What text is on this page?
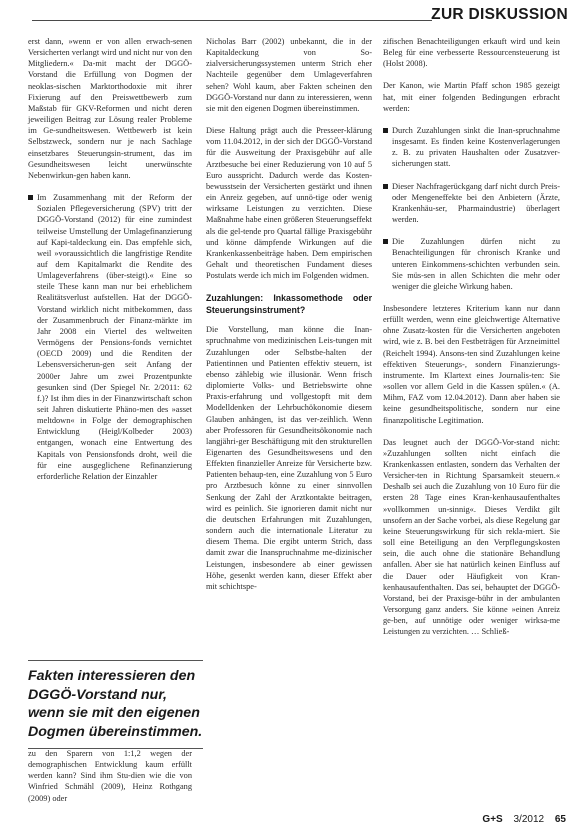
ZUR DISKUSSION

erst dann, »wenn er von allen erwach-senen Versicherten verlangt wird und nicht nur von den Mitgliedern.« Da-mit macht der DGGÖ-Vorstand die Erfüllung von Dogmen der neoklas-sischen Marktorthodoxie mit ihrer Fixierung auf den Preiswettbewerb zum Maßstab für GKV-Reformen und nicht deren jeweiligen Beitrag zur Lösung realer Probleme im Ge-sundheitswesen. Wettbewerb ist kein Selbstzweck, sondern nur je nach Sachlage einsetzbares Steuerungsin-strument, das im Gesundheitswesen leicht unerwünschte Nebenwirkun-gen haben kann.

Im Zusammenhang mit der Reform der Sozialen Pflegeversicherung (SPV) tritt der DGGÖ-Vorstand (2012) für eine zumindest teilweise Umstellung der Umlagefinanzierung auf Kapi-taldeckung ein. Das empfehle sich, weil »voraussichtlich die langfristige Rendite auf dem Kapitalmarkt die Rendite des Umlageverfahrens (über-steigt).« Eine so steile These kann man nur bei erheblichem Realitätsverlust aufstellen. Hat der DGGÖ-Vorstand wirklich nicht mitbekommen, dass der Zusammenbruch der Finanz-märkte im Jahr 2008 ein Viertel des weltweiten Vermögens der Pensions-fonds vernichtet (OECD 2009) und die Renditen der Lebensversicherun-gen seit Anfang der 2000er Jahre um zwei Prozentpunkte gesunken sind (Der Spiegel Nr. 2/2011: 62 f.)? Ist ihm dies in der Finanzwirtschaft schon seit Jahren diskutierte Phäno-men des »asset meltdown« in Folge der demographischen Entwicklung (Heigl/Kolbeder 2003) entgangen, wonach eine Entwertung des Kapitals von Pensionsfonds droht, weil die für eine ausgeglichene Refinanzierung erforderliche Relation der Einzahler
Fakten interessieren den DGGÖ-Vorstand nur, wenn sie mit den eigenen Dogmen übereinstimmen.
zu den Sparern von 1:1,2 wegen der demographischen Entwicklung kaum erfüllt werden kann? Sind ihm Stu-dien wie die von Winfried Schmähl (2009), Heinz Rothgang (2009) oder

Nicholas Barr (2002) unbekannt, die in der Kapitaldeckung von So-zialversicherungssystemen unterm Strich eher Nachteile gegenüber dem Umlageverfahren sehen? Wohl kaum, aber Fakten scheinen den DGGÖ-Vorstand nur dann zu interessieren, wenn sie mit den eigenen Dogmen übereinstimmen.

Diese Haltung prägt auch die Presseer-klärung vom 11.04.2012, in der sich der DGGÖ-Vorstand für die Ausweitung der Praxisgebühr auf alle Arztbesuche bei einer Reduzierung von 10 auf 5 Euro ausspricht. Dadurch werde das Kosten-bewusstsein der Versicherten gestärkt und ihnen ein Anreiz gegeben, auf unnö-tige oder wenig wirksame Leistungen zu verzichten. Diese Maßnahme habe einen größeren Steuerungseffekt als die gel-tende pro Quartal fällige Praxisgebühr und könne dämpfende Wirkungen auf die Krankenkassenbeiträge haben. Dem empirischen Gehalt und theoretischen Fundament dieses Postulats werde ich mich im Folgenden widmen.

Zuzahlungen: Inkassomethode oder Steuerungsinstrument?

Die Vorstellung, man könne die Inan-spruchnahme von medizinischen Leis-tungen mit Zuzahlungen oder Selbstbe-halten der Patientinnen und Patienten effektiv steuern, ist ebenso zählebig wie illusionär. Wenn frisch diplomierte Volks- und Betriebswirte ohne Praxis-erfahrung und vollgestopft mit dem Modelldenken der Lehrbuchökonomie diesem Glauben anhängen, ist das ver-zeihlich. Wenn aber Professoren für Gesundheitsökonomie nach langjähri-ger Beschäftigung mit den strukturellen Eigenarten des Gesundheitswesens und den Effekten finanzieller Anreize für Versicherte bzw. Patienten behaup-ten, eine Zuzahlung von 5 Euro pro Arztbesuch könne zu einer sinnvollen Senkung der Zahl der Arztkontakte beitragen, wird es peinlich. Sie ignorieren damit nicht nur die deutschen Erfahrungen mit Zuzahlungen, sondern auch die internationale Literatur zu diesem Thema. Die ergibt unterm Strich, dass damit zwar die Inanspruchnahme me-dizinischer Leistungen, insbesondere ab einer gewissen Höhe, gesenkt werden kann, dieser Effekt aber mit schichtspe-

zifischen Benachteiligungen erkauft wird und kein Beleg für eine verbesserte Ressourcensteuerung ist (Holst 2008).

Der Kanon, wie Martin Pfaff schon 1985 gezeigt hat, mit einer folgenden Bedingungen erbracht werden:

Durch Zuzahlungen sinkt die Inan-spruchnahme insgesamt. Es finden keine Kostenverlagerungen z. B. zu privaten Haushalten oder Zusatzver-sicherungen statt.
Dieser Nachfragerückgang darf nicht durch Preis- oder Mengeneffekte bei den Anbietern (Ärzte, Krankenhäu-ser, Pharmaindustrie) überlagert werden.
Die Zuzahlungen dürfen nicht zu Benachteiligungen für chronisch Kranke und unteren Einkommens-schichten verbunden sein. Sie müs-sen in allen Schichten die mehr oder weniger die gleiche Wirkung haben.

Insbesondere letzteres Kriterium kann nur dann erfüllt werden, wenn eine gleichwertige Alternative ohne Zusatz-kosten für die Versicherten angeboten wird, wie z. B. bei den Festbeträgen für Arzneimittel (Reichelt 1994). Ansons-ten sind Zuzahlungen keine effektiven Steuerungs-, sondern Finanzierungs-instrumente. Im Klartext eines Journalis-ten: Sie »sollen vor allem Geld in die Kassen spülen.« (A. Mihm, FAZ vom 12.04.2012). Dann aber haben sie keine gesundheitspolitische, sondern nur eine finanzpolitische Legitimation.

Das leugnet auch der DGGÖ-Vor-stand nicht: »Zuzahlungen sollten nicht einfach die Krankenkassen entlasten, sondern das Verhalten der Versicher-ten in Richtung Sparsamkeit steuern.« Deshalb sei auch die Zuzahlung von 10 Euro für die ersten 28 Tage eines Kran-kenhausaufenthaltes »vollkommen un-sinnig«. Dieses Verdikt gilt unsofern an der Sache vorbei, als diese Regelung gar keine Steuerungswirkung für sich rekla-miert. Sie soll eine Beteiligung an den Verpflegungskosten sein, die auch ohne die stationäre Behandlung anfallen. Aber sie hat natürlich keinen Einfluss auf die Dauer oder Häufigkeit von Kran-kenhausaufenthalten. Das sei, behauptet der DGGÖ-Vorstand, bei der Praxisge-bühr in der ambulanten Versorgung ganz anders. Sie könne »einen Anreiz ge-ben, auf unnötige oder weniger wirksa-me Leistungen zu verzichten. … Schließ-

G+S 3/2012 65
